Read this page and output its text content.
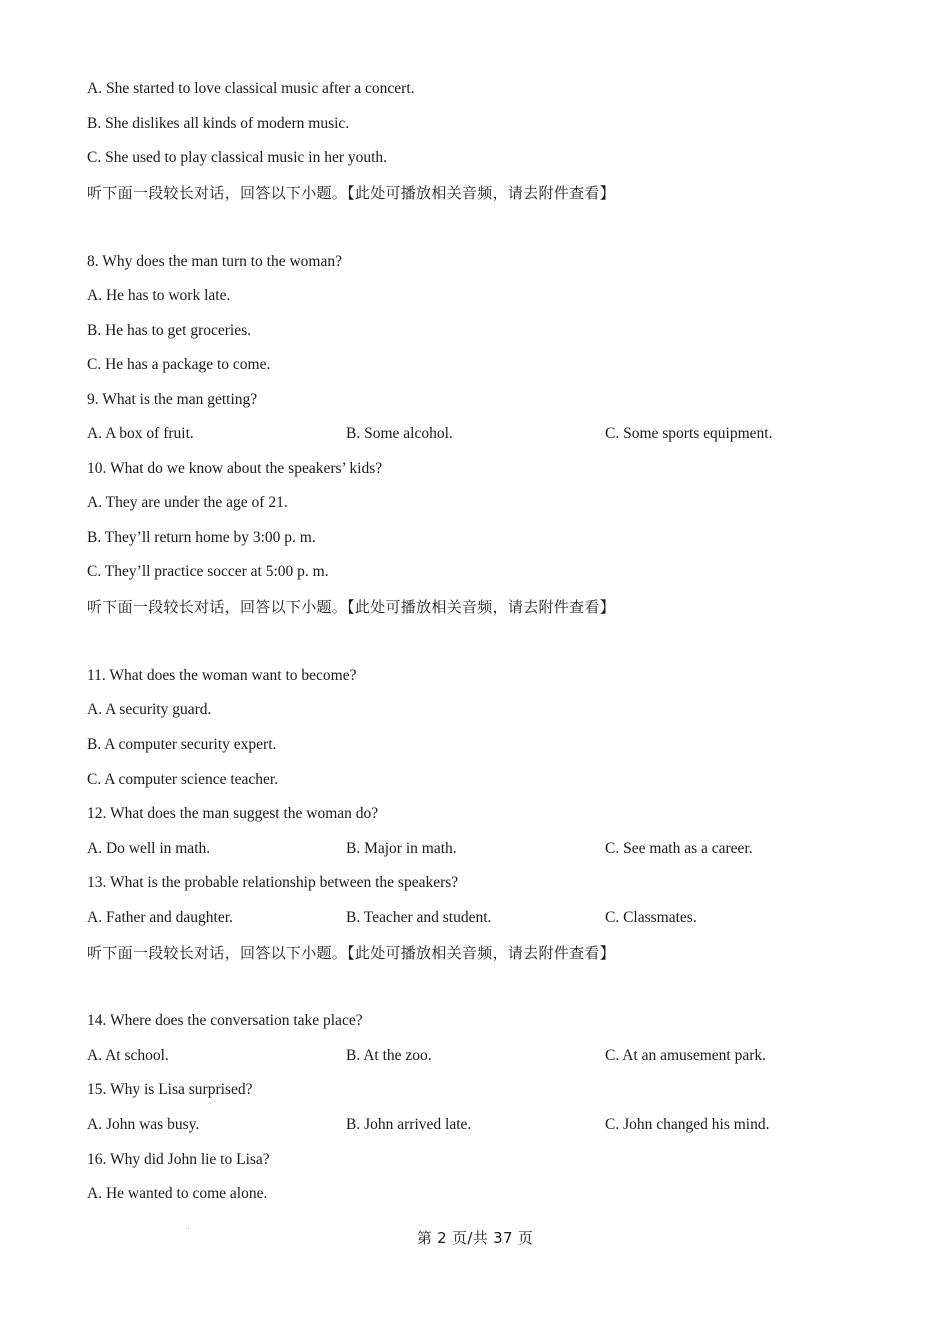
A. She started to love classical music after a concert.
B. She dislikes all kinds of modern music.
C. She used to play classical music in her youth.
听下面一段较长对话，回答以下小题。【此处可播放相关音频，请去附件查看】
8. Why does the man turn to the woman?
A. He has to work late.
B. He has to get groceries.
C. He has a package to come.
9. What is the man getting?
A. A box of fruit.	B. Some alcohol.	C. Some sports equipment.
10. What do we know about the speakers’ kids?
A. They are under the age of 21.
B. They’ll return home by 3:00 p. m.
C. They’ll practice soccer at 5:00 p. m.
听下面一段较长对话，回答以下小题。【此处可播放相关音频，请去附件查看】
11. What does the woman want to become?
A. A security guard.
B. A computer security expert.
C. A computer science teacher.
12. What does the man suggest the woman do?
A. Do well in math.	B. Major in math.	C. See math as a career.
13. What is the probable relationship between the speakers?
A. Father and daughter.	B. Teacher and student.	C. Classmates.
听下面一段较长对话，回答以下小题。【此处可播放相关音频，请去附件查看】
14. Where does the conversation take place?
A. At school.	B. At the zoo.	C. At an amusement park.
15. Why is Lisa surprised?
A. John was busy.	B. John arrived late.	C. John changed his mind.
16. Why did John lie to Lisa?
A. He wanted to come alone.
第 2 页/共 37 页
